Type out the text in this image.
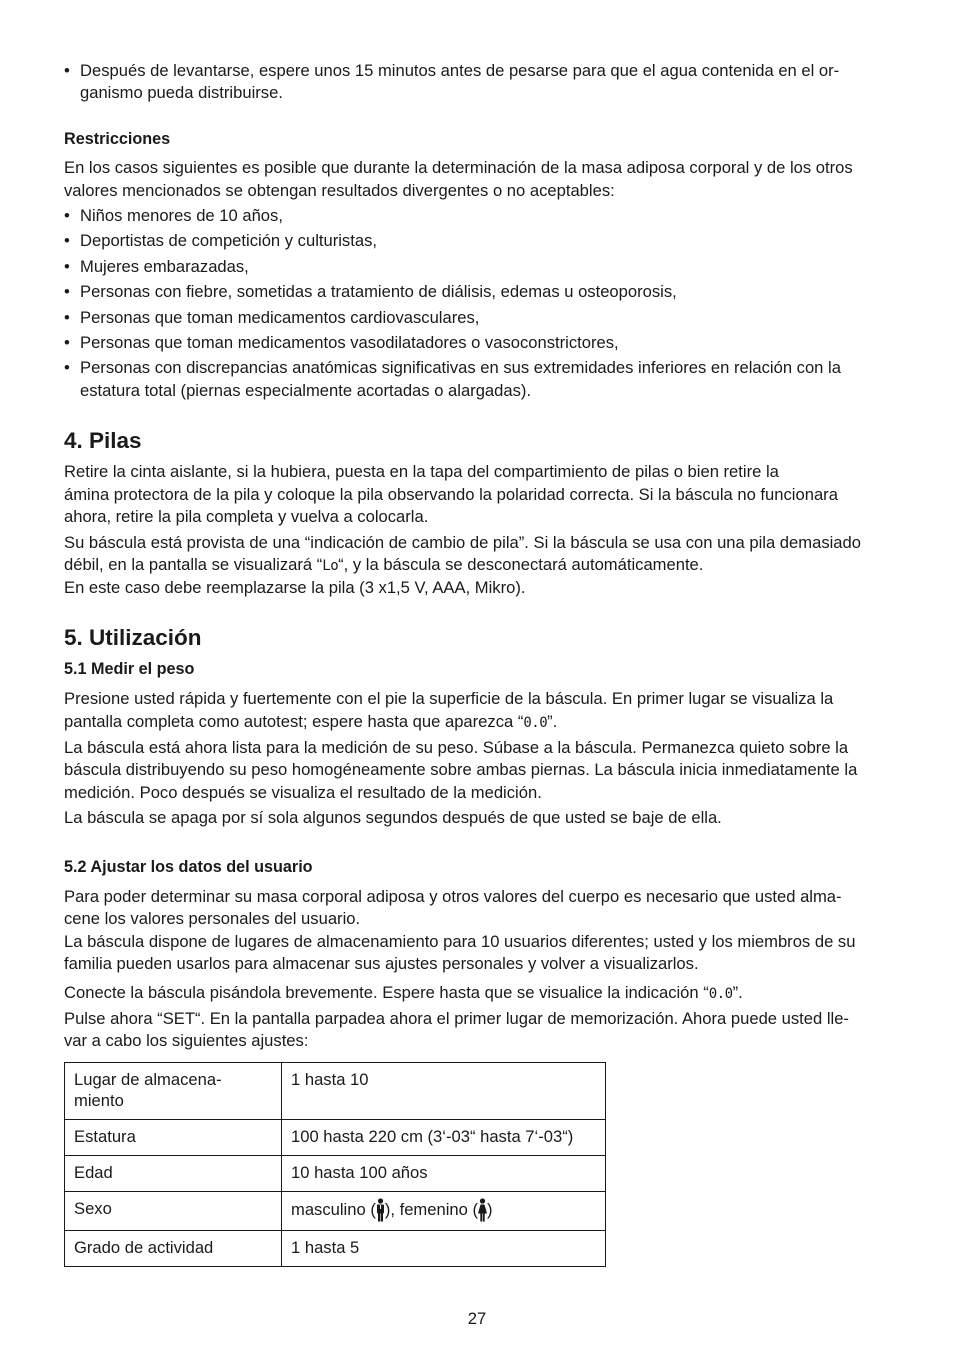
• Después de levantarse, espere unos 15 minutos antes de pesarse para que el agua contenida en el or-
ganismo pueda distribuirse.

Restricciones

En los casos siguientes es posible que durante la determinación de la masa adiposa corporal y de los otros valores mencionados se obtengan resultados divergentes o no aceptables:

• Niños menores de 10 años,
• Deportistas de competición y culturistas,
• Mujeres embarazadas,
• Personas con fiebre, sometidas a tratamiento de diálisis, edemas u osteoporosis,
• Personas que toman medicamentos cardiovasculares,
• Personas que toman medicamentos vasodilatadores o vasoconstrictores,
• Personas con discrepancias anatómicas significativas en sus extremidades inferiores en relación con la estatura total (piernas especialmente acortadas o alargadas).
4. Pilas

Retire la cinta aislante, si la hubiera, puesta en la tapa del compartimiento de pilas o bien retire la
ámina protectora de la pila y coloque la pila observando la polaridad correcta. Si la báscula no funcionara ahora, retire la pila completa y vuelva a colocarla.

Su báscula está provista de una “indicación de cambio de pila”. Si la báscula se usa con una pila demasiado débil, en la pantalla se visualizará “Lo“, y la báscula se desconectará automáticamente.
En este caso debe reemplazarse la pila (3 x1,5 V, AAA, Mikro).

5. Utilización

5.1 Medir el peso

Presione usted rápida y fuertemente con el pie la superficie de la báscula. En primer lugar se visualiza la pantalla completa como autotest; espere hasta que aparezca “0.0”.

La báscula está ahora lista para la medición de su peso. Súbase a la báscula. Permanezca quieto sobre la báscula distribuyendo su peso homogéneamente sobre ambas piernas. La báscula inicia inmediatamente la medición. Poco después se visualiza el resultado de la medición.

La báscula se apaga por sí sola algunos segundos después de que usted se baje de ella.

5.2 Ajustar los datos del usuario

Para poder determinar su masa corporal adiposa y otros valores del cuerpo es necesario que usted alma-
cene los valores personales del usuario.

La báscula dispone de lugares de almacenamiento para 10 usuarios diferentes; usted y los miembros de su familia pueden usarlos para almacenar sus ajustes personales y volver a visualizarlos.

Conecte la báscula pisándola brevemente. Espere hasta que se visualice la indicación “0.0”.

Pulse ahora “SET“. En la pantalla parpadea ahora el primer lugar de memorización. Ahora puede usted lle-
var a cabo los siguientes ajustes:

Lugar de almacena-
miento	1 hasta 10
Estatura	100 hasta 220 cm (3‘-03“ hasta 7‘-03“)
Edad	10 hasta 100 años
Sexo	masculino ( ), femenino ( )
Grado de actividad	1 hasta 5
27
